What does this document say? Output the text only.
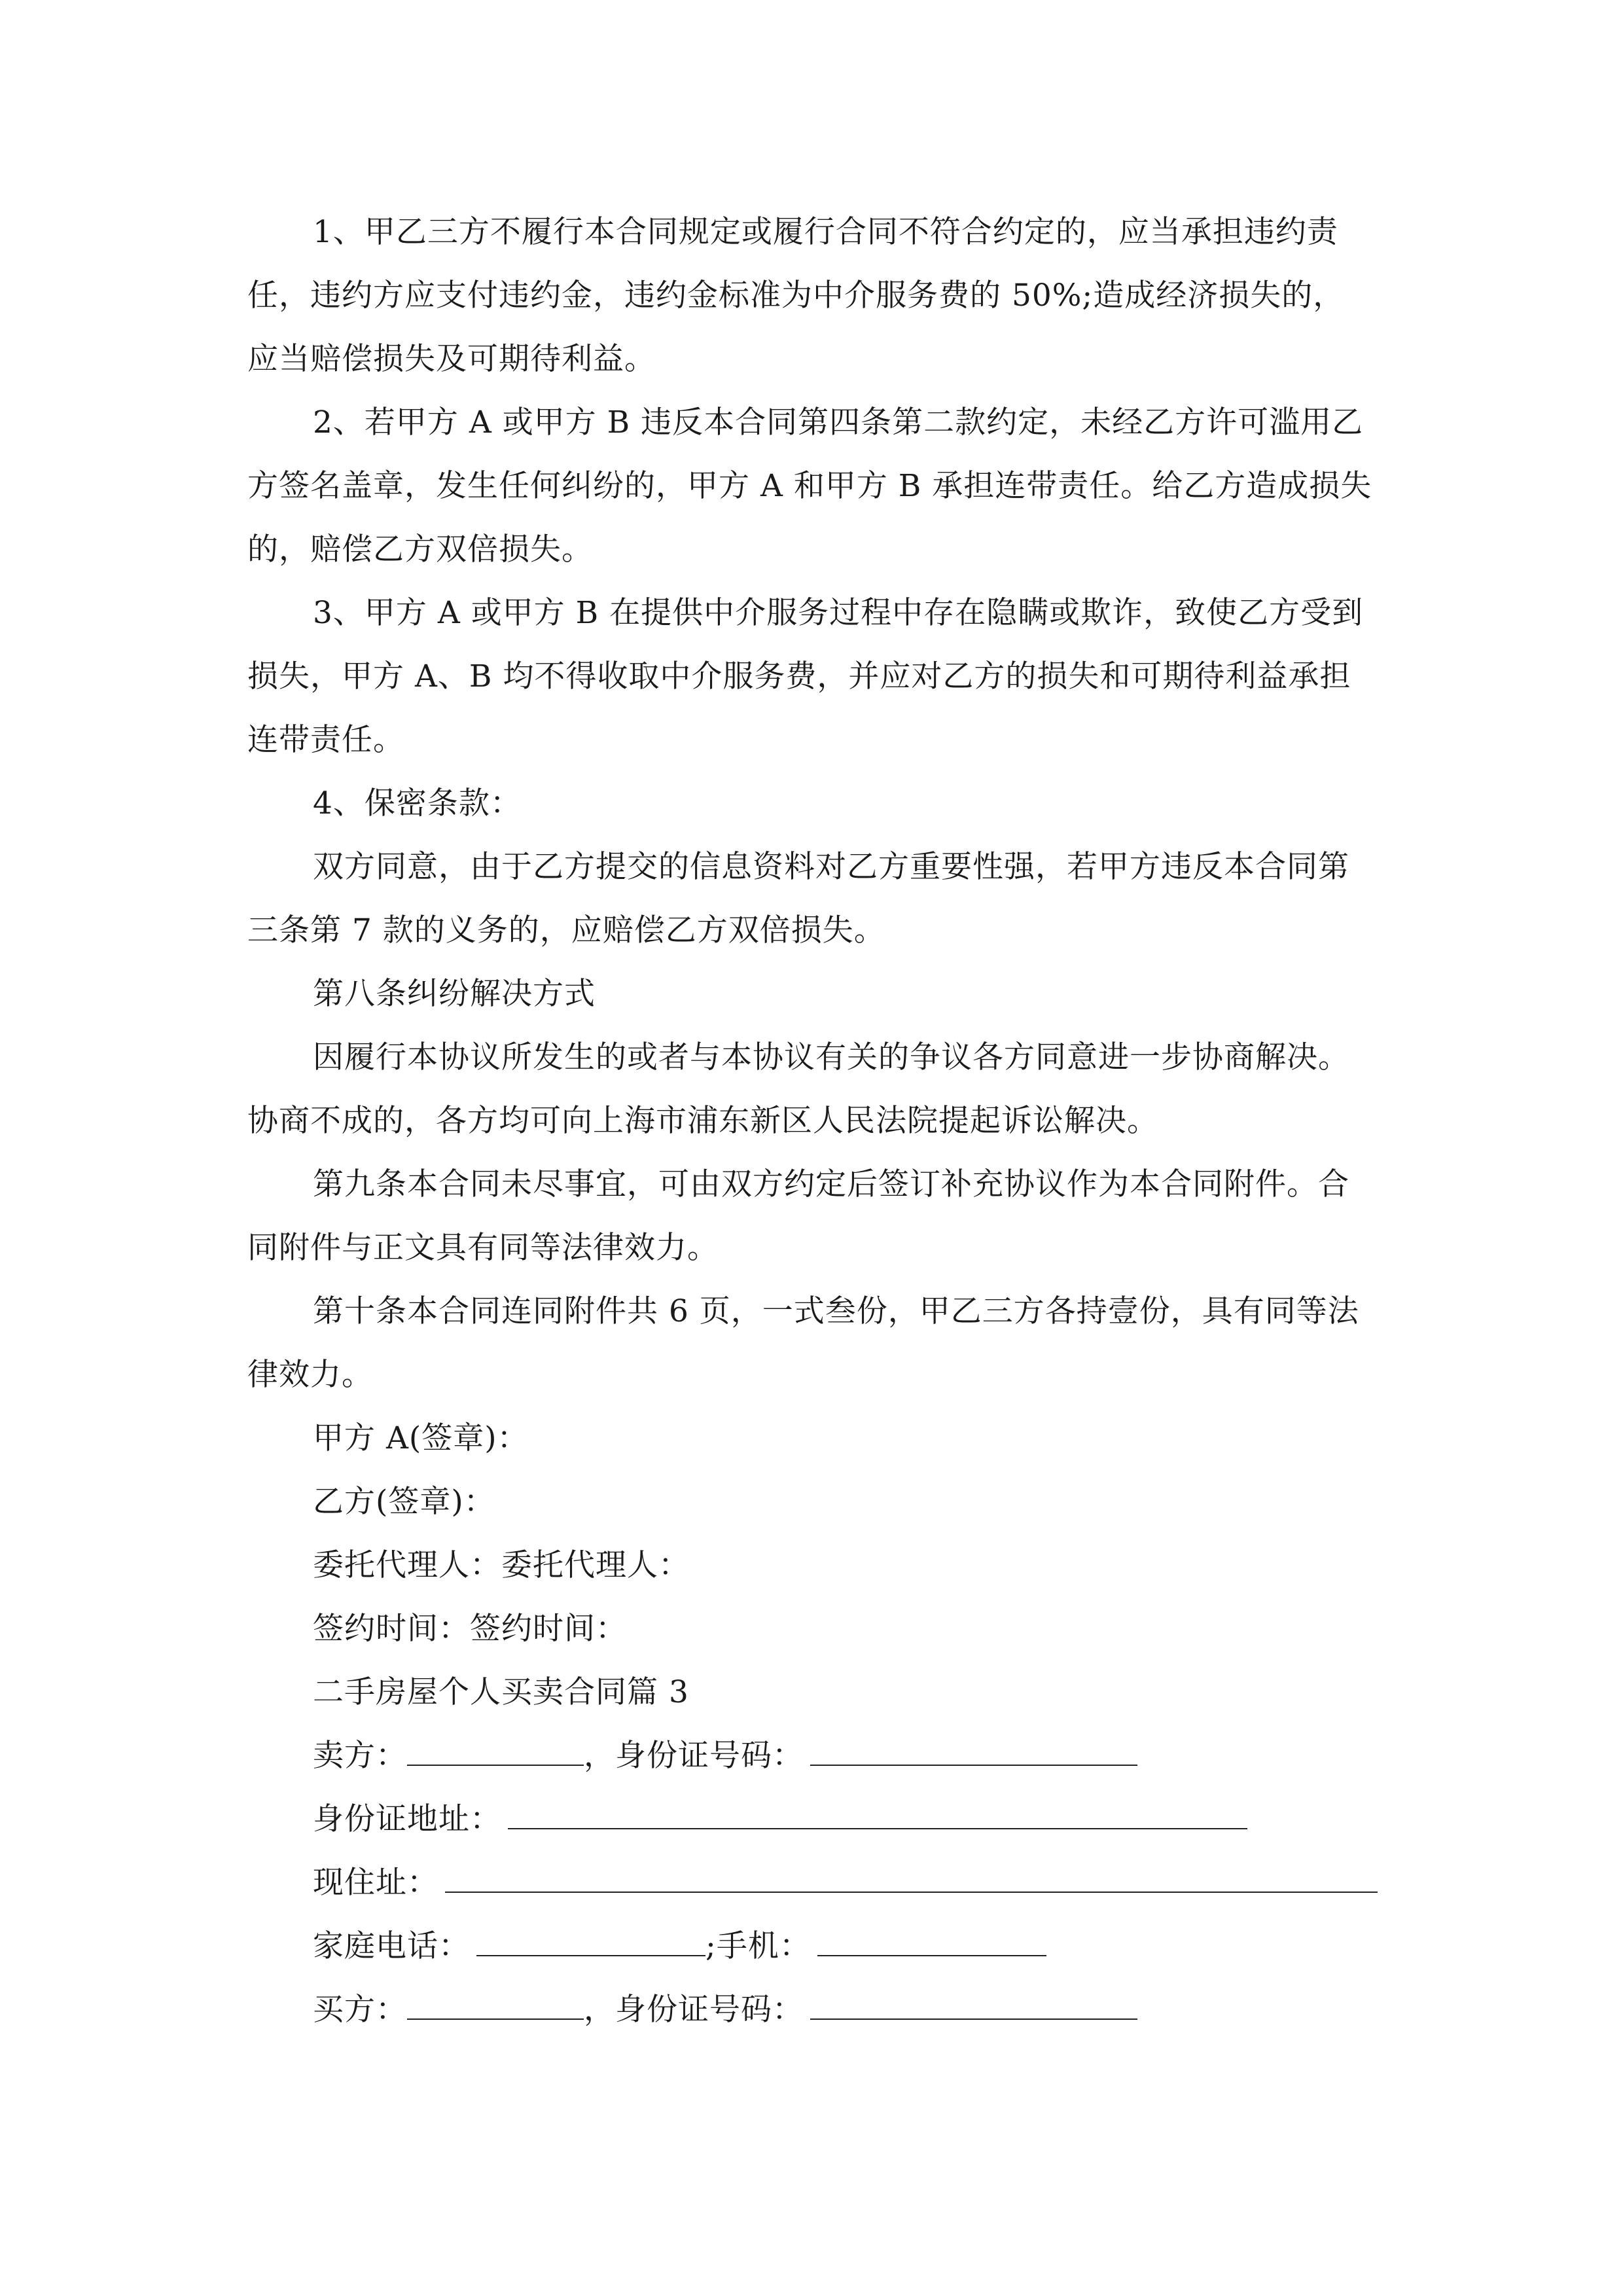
1、甲乙三方不履行本合同规定或履行合同不符合约定的，应当承担违约责
任，违约方应支付违约金，违约金标准为中介服务费的 50%;造成经济损失的，
应当赔偿损失及可期待利益。
2、若甲方 A 或甲方 B 违反本合同第四条第二款约定，未经乙方许可滥用乙
方签名盖章，发生任何纠纷的，甲方 A 和甲方 B 承担连带责任。给乙方造成损失
的，赔偿乙方双倍损失。
3、甲方 A 或甲方 B 在提供中介服务过程中存在隐瞒或欺诈，致使乙方受到
损失，甲方 A、B 均不得收取中介服务费，并应对乙方的损失和可期待利益承担
连带责任。
4、保密条款：
双方同意，由于乙方提交的信息资料对乙方重要性强，若甲方违反本合同第
三条第 7 款的义务的，应赔偿乙方双倍损失。
第八条纠纷解决方式
因履行本协议所发生的或者与本协议有关的争议各方同意进一步协商解决。
协商不成的，各方均可向上海市浦东新区人民法院提起诉讼解决。
第九条本合同未尽事宜，可由双方约定后签订补充协议作为本合同附件。合
同附件与正文具有同等法律效力。
第十条本合同连同附件共 6 页，一式叁份，甲乙三方各持壹份，具有同等法
律效力。
甲方 A(签章)：
乙方(签章)：
委托代理人：委托代理人：
签约时间：签约时间：
二手房屋个人买卖合同篇 3
卖方：	，身份证号码：
身份证地址：
现住址：
家庭电话：	;手机：
买方：	，身份证号码：
